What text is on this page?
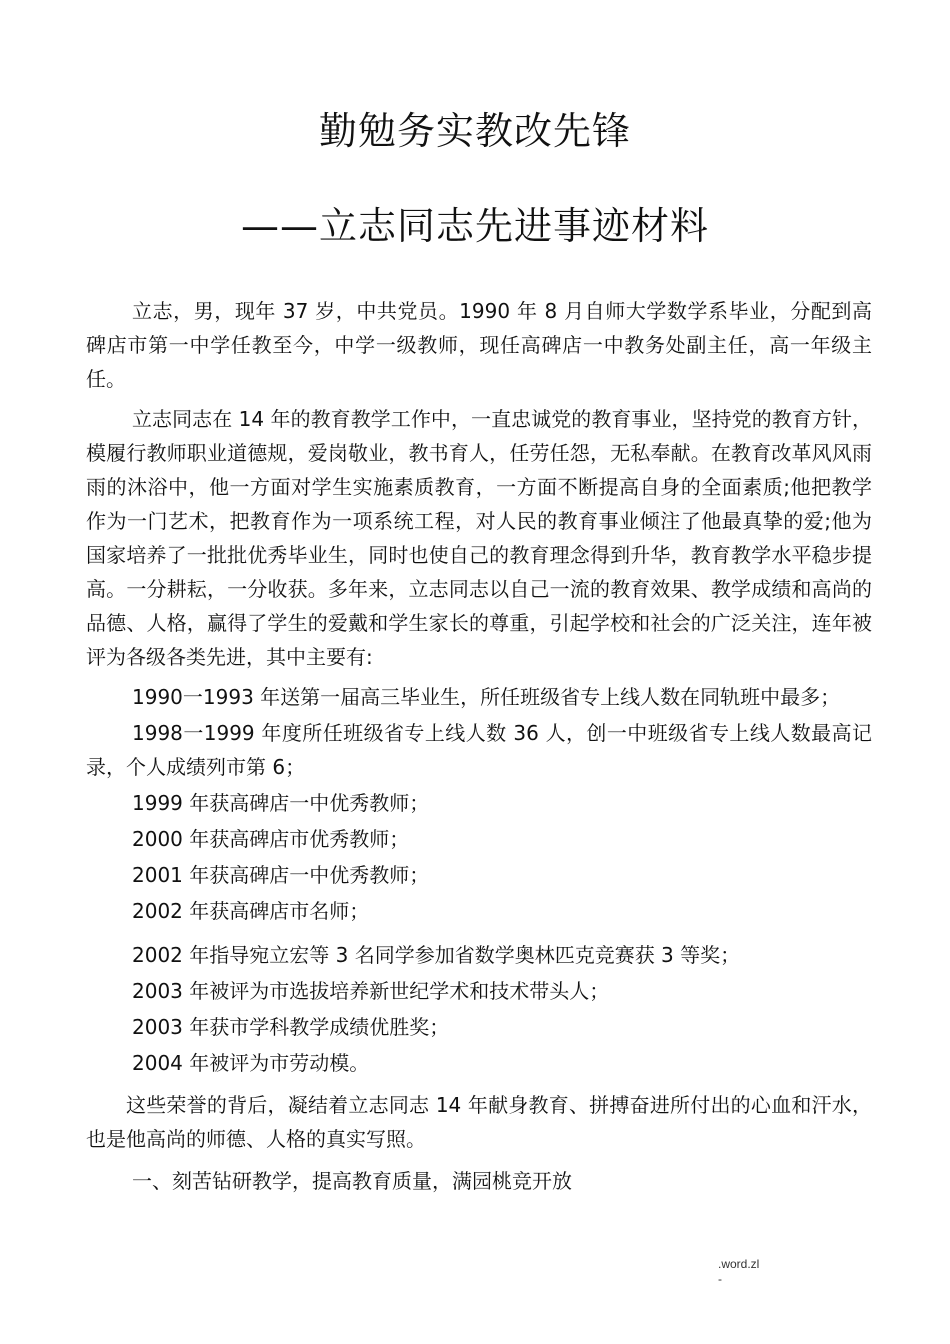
勤勉务实教改先锋
——立志同志先进事迹材料

立志，男，现年 37 岁，中共党员。1990 年 8 月自师大学数学系毕业，分配到高碑店市第一中学任教至今，中学一级教师，现任高碑店一中教务处副主任，高一年级主任。

立志同志在 14 年的教育教学工作中，一直忠诚党的教育事业，坚持党的教育方针，模履行教师职业道德规，爱岗敬业，教书育人，任劳任怨，无私奉献。在教育改革风风雨雨的沐浴中，他一方面对学生实施素质教育，一方面不断提高自身的全面素质;他把教学作为一门艺术，把教育作为一项系统工程，对人民的教育事业倾注了他最真挚的爱;他为国家培养了一批批优秀毕业生，同时也使自己的教育理念得到升华，教育教学水平稳步提高。一分耕耘，一分收获。多年来，立志同志以自己一流的教育效果、教学成绩和高尚的品德、人格，赢得了学生的爱戴和学生家长的尊重，引起学校和社会的广泛关注，连年被评为各级各类先进，其中主要有:

1990一1993 年送第一届高三毕业生，所任班级省专上线人数在同轨班中最多；

1998一1999 年度所任班级省专上线人数 36 人，创一中班级省专上线人数最高记录，个人成绩列市第 6；

1999 年获高碑店一中优秀教师；

2000 年获高碑店市优秀教师；

2001 年获高碑店一中优秀教师；

2002 年获高碑店市名师；

2002 年指导宛立宏等 3 名同学参加省数学奥林匹克竞赛获 3 等奖；

2003 年被评为市选拔培养新世纪学术和技术带头人；

2003 年获市学科教学成绩优胜奖；

2004 年被评为市劳动模。

这些荣誉的背后，凝结着立志同志 14 年献身教育、拼搏奋进所付出的心血和汗水，也是他高尚的师德、人格的真实写照。

一、刻苦钻研教学，提高教育质量，满园桃竞开放

.word.zl
-
